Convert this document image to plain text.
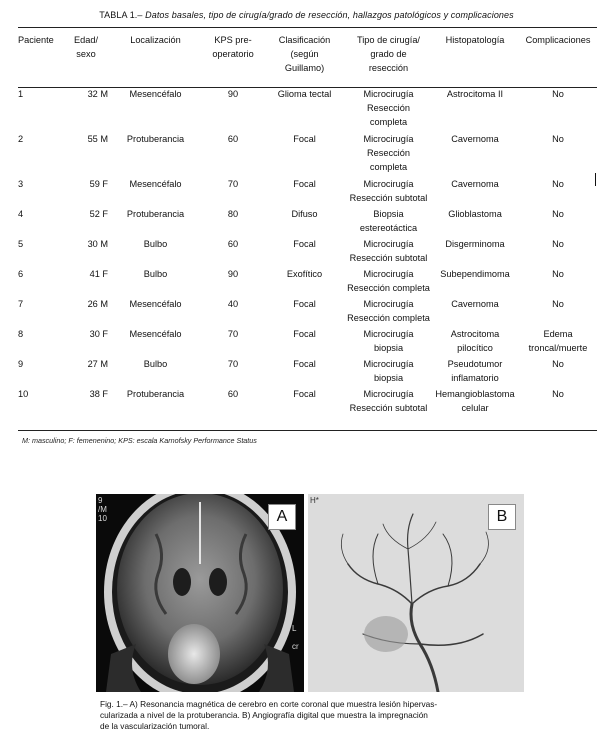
TABLA 1.– Datos basales, tipo de cirugía/grado de resección, hallazgos patológicos y complicaciones
Paciente	Edad/
sexo	Localización	KPS pre-
operatorio	Clasificación
(según
Guillamo)	Tipo de cirugía/
grado de
resección	Histopatología	Complicaciones

1	32 M	Mesencéfalo	90	Glioma tectal	Microcirugía
Resección
completa	Astrocitoma II	No

2	55 M	Protuberancia	60	Focal	Microcirugía
Resección
completa	Cavernoma	No

3	59 F	Mesencéfalo	70	Focal	Microcirugía
Resección subtotal	Cavernoma	No

4	52 F	Protuberancia	80	Difuso	Biopsia
estereotáctica	Glioblastoma	No

5	30 M	Bulbo	60	Focal	Microcirugía
Resección subtotal	Disgerminoma	No

6	41 F	Bulbo	90	Exofítico	Microcirugía
Resección completa	Subependimoma	No

7	26 M	Mesencéfalo	40	Focal	Microcirugía
Resección completa	Cavernoma	No

8	30 F	Mesencéfalo	70	Focal	Microcirugía
biopsia	Astrocitoma
pilocítico	Edema
troncal/muerte

9	27 M	Bulbo	70	Focal	Microcirugía
biopsia	Pseudotumor
inflamatorio	No

10	38 F	Protuberancia	60	Focal	Microcirugía
Resección subtotal	Hemangioblastoma
celular	No
M: masculino; F: femenenino; KPS: escala Karnofsky Performance Status
9
/M
10
L
cr
A
H*
B
Fig. 1.– A) Resonancia magnética de cerebro en corte coronal que muestra lesión hipervas-
cularizada a nivel de la protuberancia. B) Angiografía digital que muestra la impregnación
de la vascularización tumoral.
